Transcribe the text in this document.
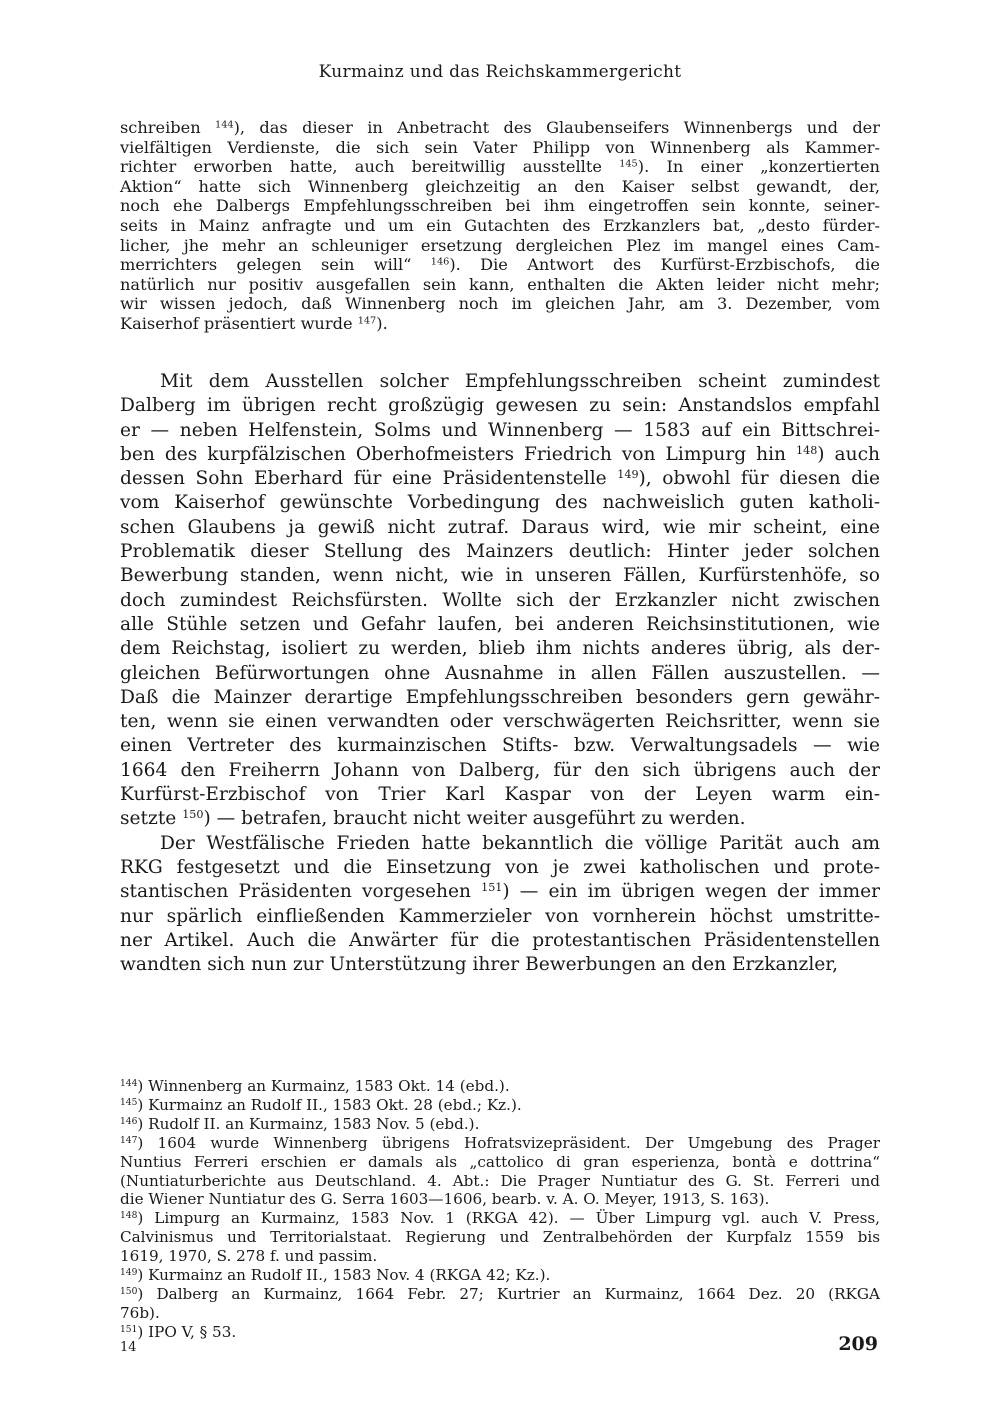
Kurmainz und das Reichskammergericht
schreiben $^{144}$), das dieser in Anbetracht des Glaubenseifers Winnenbergs und der
vielfältigen Verdienste, die sich sein Vater Philipp von Winnenberg als Kammer-
richter erworben hatte, auch bereitwillig ausstellte $^{145}$). In einer „konzertierten
Aktion“ hatte sich Winnenberg gleichzeitig an den Kaiser selbst gewandt, der,
noch ehe Dalbergs Empfehlungsschreiben bei ihm eingetroffen sein konnte, seiner-
seits in Mainz anfragte und um ein Gutachten des Erzkanzlers bat, „desto fürder-
licher, jhe mehr an schleuniger ersetzung dergleichen Plez im mangel eines Cam-
merrichters gelegen sein will“ $^{146}$). Die Antwort des Kurfürst-Erzbischofs, die
natürlich nur positiv ausgefallen sein kann, enthalten die Akten leider nicht mehr;
wir wissen jedoch, daß Winnenberg noch im gleichen Jahr, am 3. Dezember, vom
Kaiserhof präsentiert wurde $^{147}$).
Mit dem Ausstellen solcher Empfehlungsschreiben scheint zumindest
Dalberg im übrigen recht großzügig gewesen zu sein: Anstandslos empfahl
er — neben Helfenstein, Solms und Winnenberg — 1583 auf ein Bittschrei-
ben des kurpfälzischen Oberhofmeisters Friedrich von Limpurg hin $^{148}$) auch
dessen Sohn Eberhard für eine Präsidentenstelle $^{149}$), obwohl für diesen die
vom Kaiserhof gewünschte Vorbedingung des nachweislich guten katholi-
schen Glaubens ja gewiß nicht zutraf. Daraus wird, wie mir scheint, eine
Problematik dieser Stellung des Mainzers deutlich: Hinter jeder solchen
Bewerbung standen, wenn nicht, wie in unseren Fällen, Kurfürstenhöfe, so
doch zumindest Reichsfürsten. Wollte sich der Erzkanzler nicht zwischen
alle Stühle setzen und Gefahr laufen, bei anderen Reichsinstitutionen, wie
dem Reichstag, isoliert zu werden, blieb ihm nichts anderes übrig, als der-
gleichen Befürwortungen ohne Ausnahme in allen Fällen auszustellen. —
Daß die Mainzer derartige Empfehlungsschreiben besonders gern gewähr-
ten, wenn sie einen verwandten oder verschwägerten Reichsritter, wenn sie
einen Vertreter des kurmainzischen Stifts- bzw. Verwaltungsadels — wie
1664 den Freiherrn Johann von Dalberg, für den sich übrigens auch der
Kurfürst-Erzbischof von Trier Karl Kaspar von der Leyen warm ein-
setzte $^{150}$) — betrafen, braucht nicht weiter ausgeführt zu werden.
Der Westfälische Frieden hatte bekanntlich die völlige Parität auch am
RKG festgesetzt und die Einsetzung von je zwei katholischen und prote-
stantischen Präsidenten vorgesehen $^{151}$) — ein im übrigen wegen der immer
nur spärlich einfließenden Kammerzieler von vornherein höchst umstritte-
ner Artikel. Auch die Anwärter für die protestantischen Präsidentenstellen
wandten sich nun zur Unterstützung ihrer Bewerbungen an den Erzkanzler,
$^{144}$) Winnenberg an Kurmainz, 1583 Okt. 14 (ebd.).
$^{145}$) Kurmainz an Rudolf II., 1583 Okt. 28 (ebd.; Kz.).
$^{146}$) Rudolf II. an Kurmainz, 1583 Nov. 5 (ebd.).
$^{147}$) 1604 wurde Winnenberg übrigens Hofratsvizepräsident. Der Umgebung des Prager
Nuntius Ferreri erschien er damals als „cattolico di gran esperienza, bontà e dottrina“
(Nuntiaturberichte aus Deutschland. 4. Abt.: Die Prager Nuntiatur des G. St. Ferreri und
die Wiener Nuntiatur des G. Serra 1603—1606, bearb. v. A. O. Meyer, 1913, S. 163).
$^{148}$) Limpurg an Kurmainz, 1583 Nov. 1 (RKGA 42). — Über Limpurg vgl. auch V. Press,
Calvinismus und Territorialstaat. Regierung und Zentralbehörden der Kurpfalz 1559 bis
1619, 1970, S. 278 f. und passim.
$^{149}$) Kurmainz an Rudolf II., 1583 Nov. 4 (RKGA 42; Kz.).
$^{150}$) Dalberg an Kurmainz, 1664 Febr. 27; Kurtrier an Kurmainz, 1664 Dez. 20 (RKGA
76b).
$^{151}$) IPO V, § 53.
14	209
